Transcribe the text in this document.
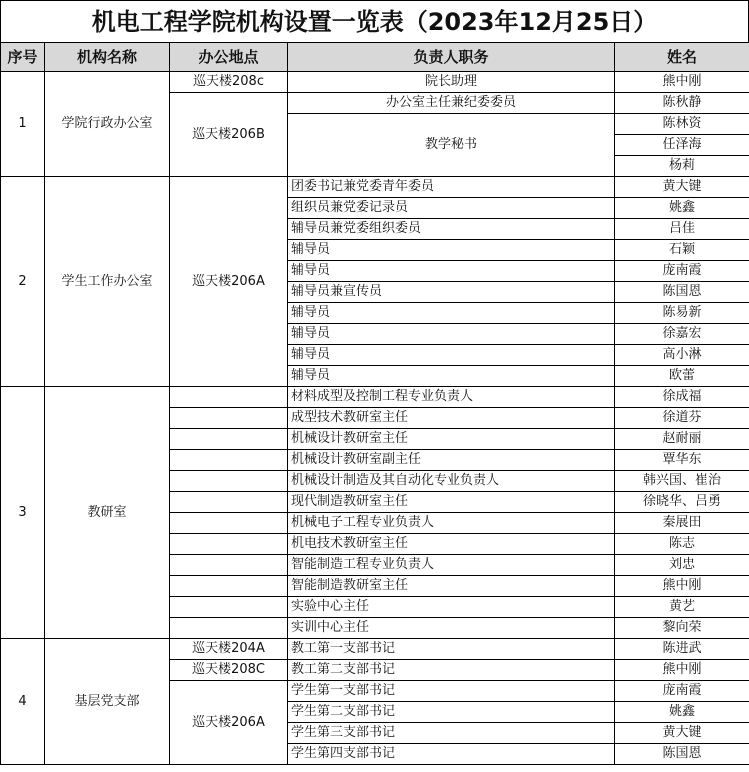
机电工程学院机构设置一览表（2023年12月25日）
序号	机构名称	办公地点	负责人职务	姓名
1	学院行政办公室	巡天楼208c	院长助理	熊中刚
		巡天楼206B	办公室主任兼纪委委员	陈秋静
			教学秘书	陈林资
				任泽海
				杨莉
2	学生工作办公室	巡天楼206A	团委书记兼党委青年委员	黄大键
			组织员兼党委记录员	姚鑫
			辅导员兼党委组织委员	吕佳
			辅导员	石颖
			辅导员	庞南霞
			辅导员兼宣传员	陈国恩
			辅导员	陈易新
			辅导员	徐嘉宏
			辅导员	高小淋
			辅导员	欧蕾
3	教研室		材料成型及控制工程专业负责人	徐成福
			成型技术教研室主任	徐道芬
			机械设计教研室主任	赵耐丽
			机械设计教研室副主任	覃华东
			机械设计制造及其自动化专业负责人	韩兴国、崔治
			现代制造教研室主任	徐晓华、吕勇
			机械电子工程专业负责人	秦展田
			机电技术教研室主任	陈志
			智能制造工程专业负责人	刘忠
			智能制造教研室主任	熊中刚
			实验中心主任	黄艺
			实训中心主任	黎向荣
4	基层党支部	巡天楼204A	教工第一支部书记	陈进武
		巡天楼208C	教工第二支部书记	熊中刚
		巡天楼206A	学生第一支部书记	庞南霞
			学生第二支部书记	姚鑫
			学生第三支部书记	黄大键
			学生第四支部书记	陈国恩
